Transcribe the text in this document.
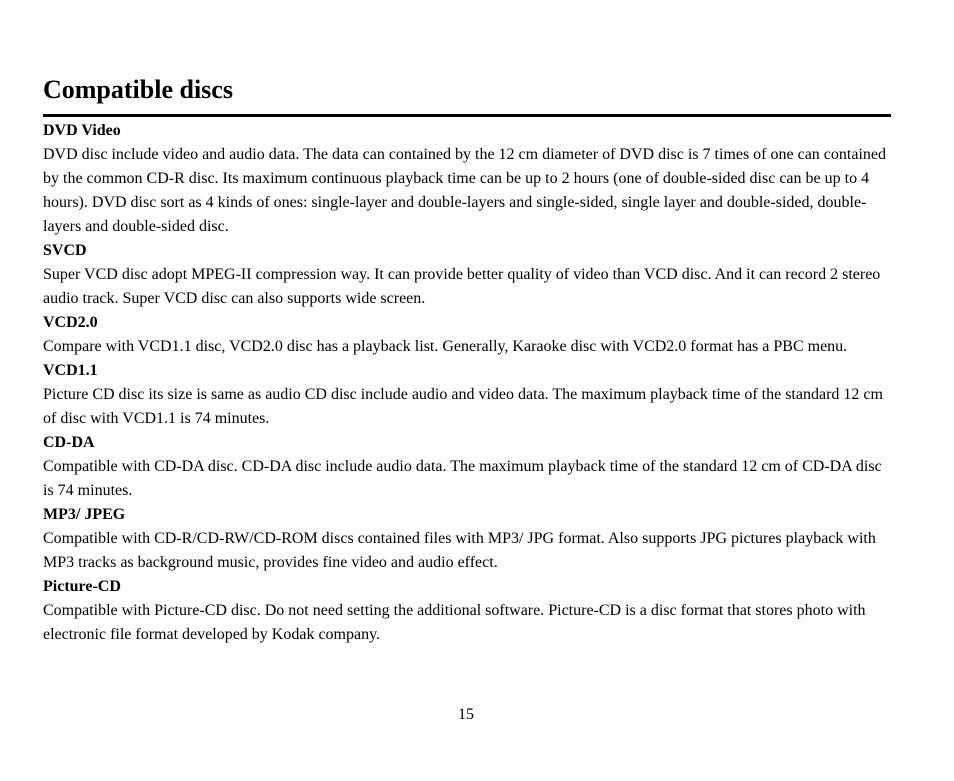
Compatible discs

DVD Video

DVD disc include video and audio data. The data can contained by the 12 cm diameter of DVD disc is 7 times of one can contained by the common CD-R disc. Its maximum continuous playback time can be up to 2 hours (one of double-sided disc can be up to 4 hours). DVD disc sort as 4 kinds of ones: single-layer and double-layers and single-sided, single layer and double-sided, double-layers and double-sided disc.

SVCD

Super VCD disc adopt MPEG-II compression way. It can provide better quality of video than VCD disc. And it can record 2 stereo audio track. Super VCD disc can also supports wide screen.

VCD2.0

Compare with VCD1.1 disc, VCD2.0 disc has a playback list. Generally, Karaoke disc with VCD2.0 format has a PBC menu.

VCD1.1

Picture CD disc its size is same as audio CD disc include audio and video data. The maximum playback time of the standard 12 cm of disc with VCD1.1 is 74 minutes.

CD-DA

Compatible with CD-DA disc. CD-DA disc include audio data. The maximum playback time of the standard 12 cm of CD-DA disc is 74 minutes.

MP3/ JPEG

Compatible with CD-R/CD-RW/CD-ROM discs contained files with MP3/ JPG format. Also supports JPG pictures playback with MP3 tracks as background music, provides fine video and audio effect.

Picture-CD

Compatible with Picture-CD disc. Do not need setting the additional software. Picture-CD is a disc format that stores photo with electronic file format developed by Kodak company.

15
